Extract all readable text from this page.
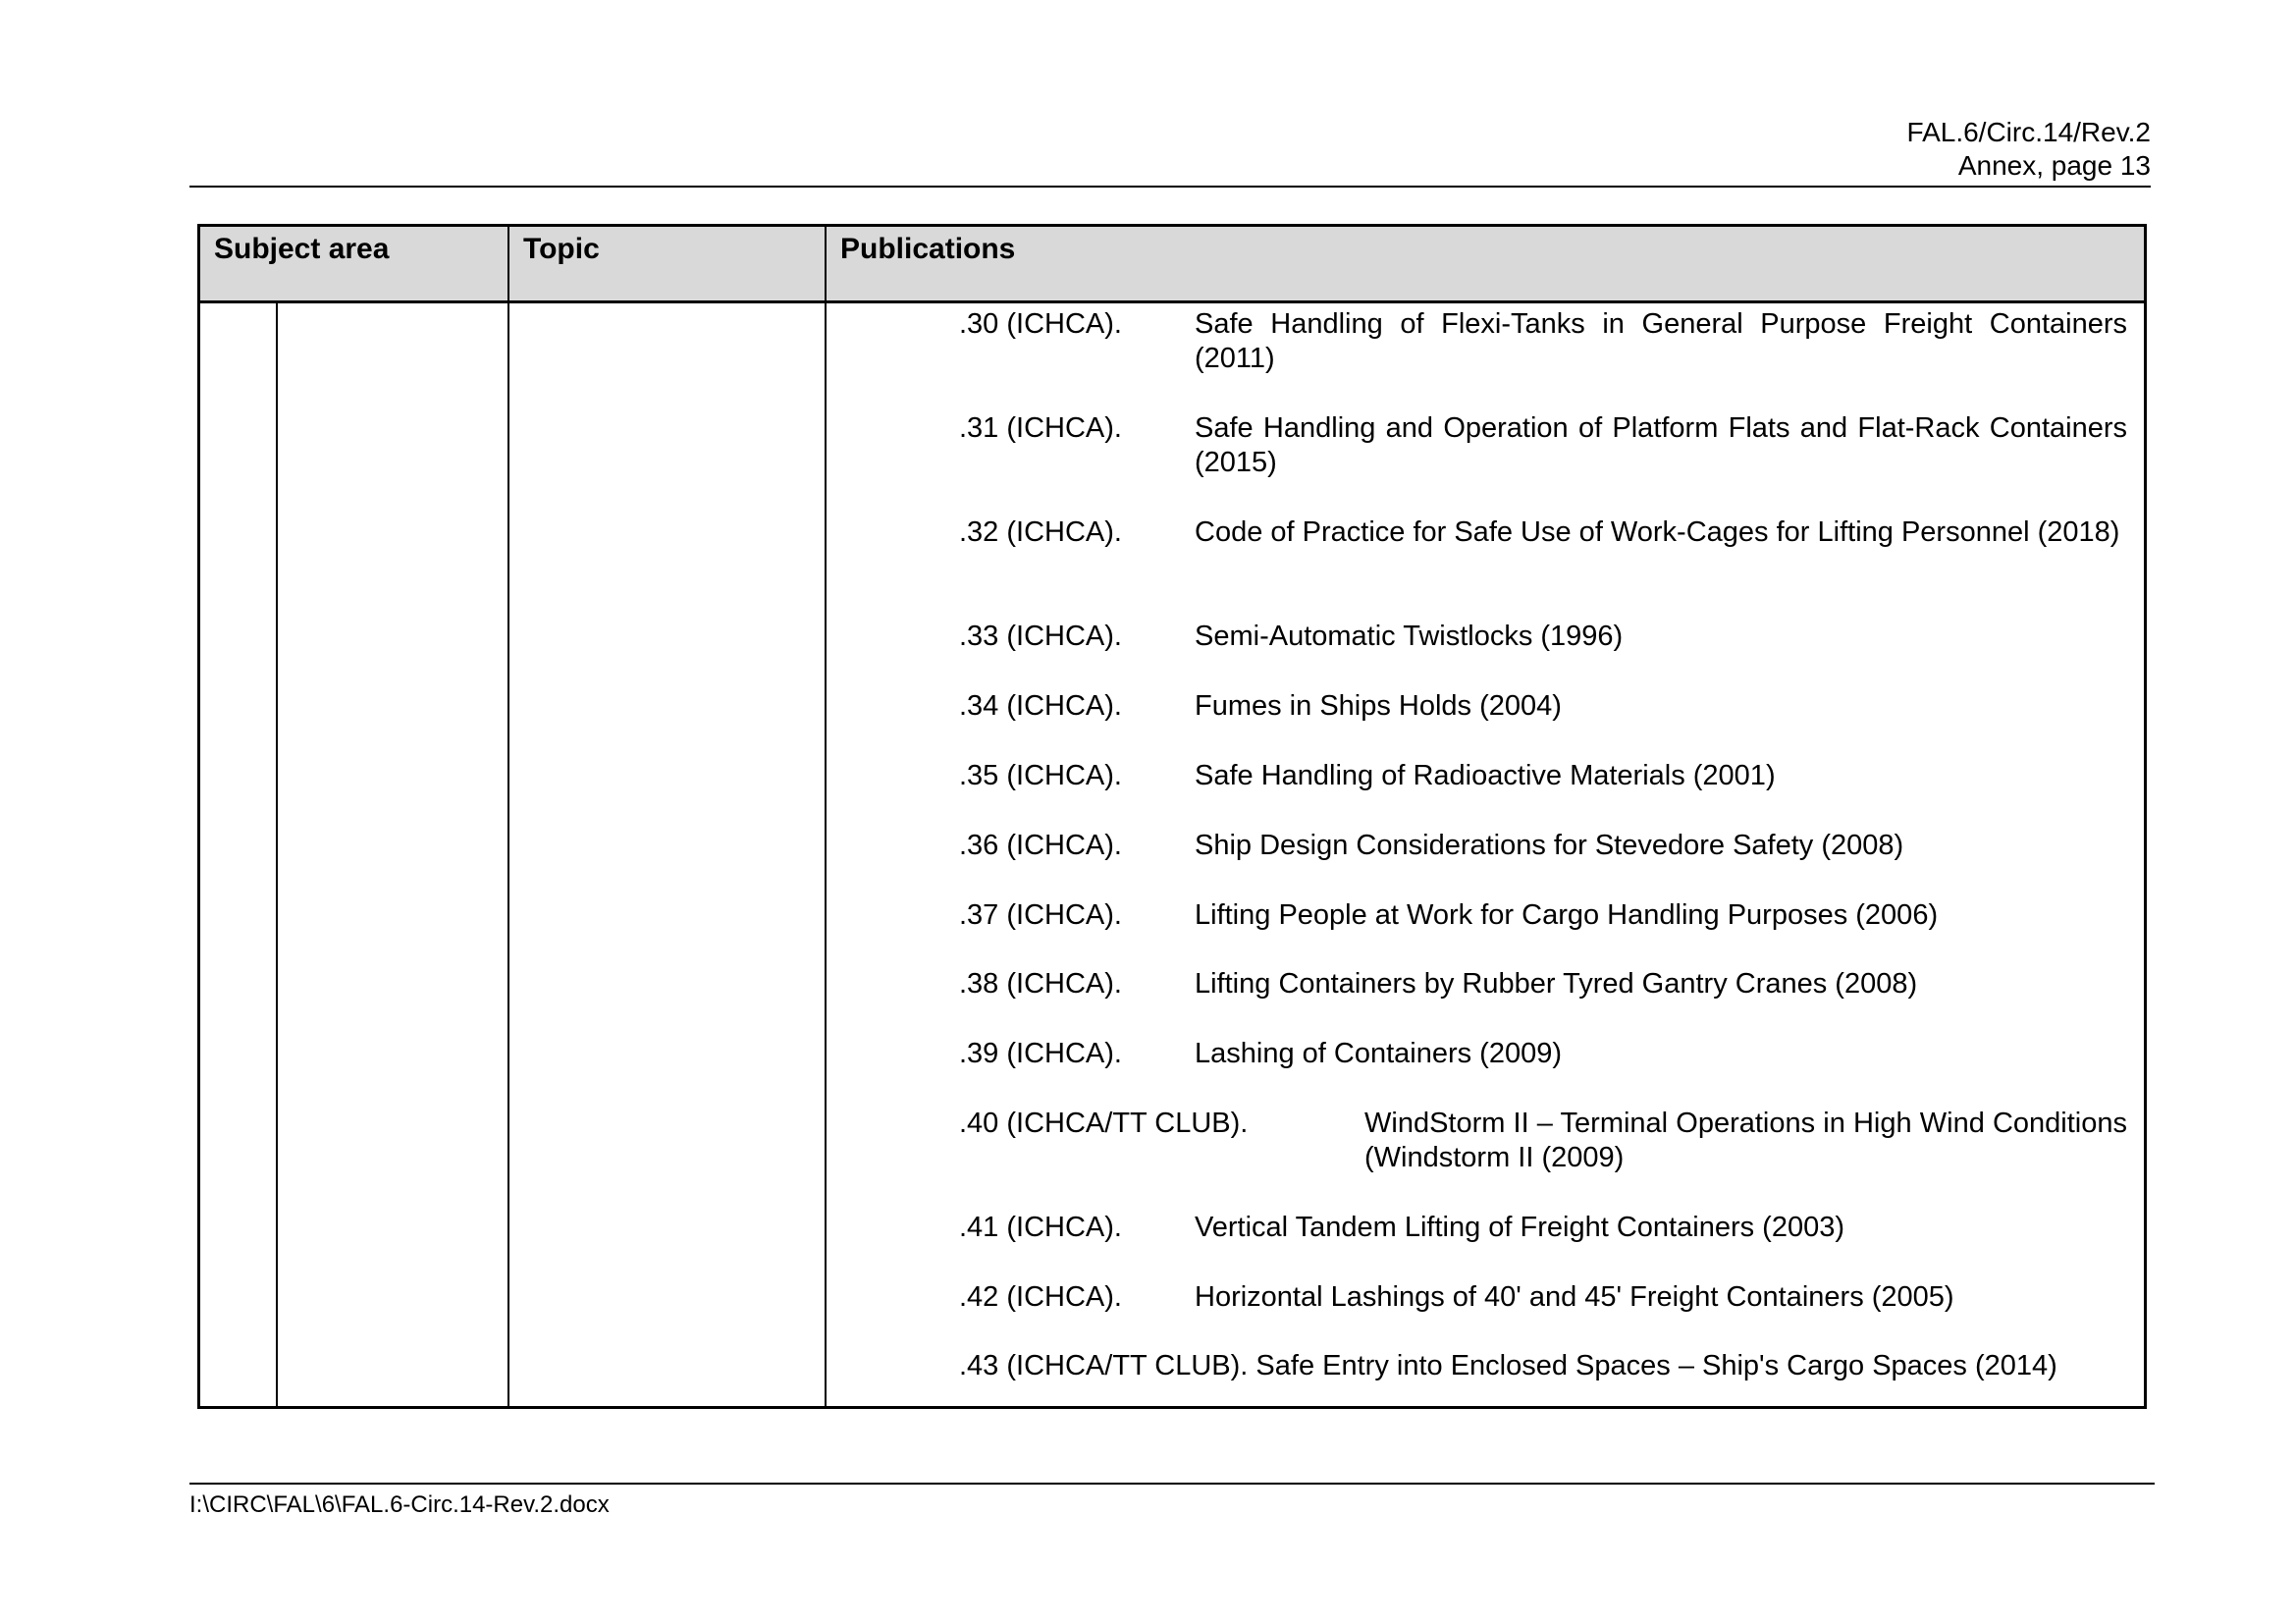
FAL.6/Circ.14/Rev.2
Annex, page 13
Subject area	Topic	Publications
.30 (ICHCA).	Safe Handling of Flexi-Tanks in General Purpose Freight Containers (2011)
.31 (ICHCA).	Safe Handling and Operation of Platform Flats and Flat-Rack Containers (2015)
.32 (ICHCA).	Code of Practice for Safe Use of Work-Cages for Lifting Personnel (2018)
.33 (ICHCA).	Semi-Automatic Twistlocks (1996)
.34 (ICHCA).	Fumes in Ships Holds (2004)
.35 (ICHCA).	Safe Handling of Radioactive Materials (2001)
.36 (ICHCA).	Ship Design Considerations for Stevedore Safety (2008)
.37 (ICHCA).	Lifting People at Work for Cargo Handling Purposes (2006)
.38 (ICHCA).	Lifting Containers by Rubber Tyred Gantry Cranes (2008)
.39 (ICHCA).	Lashing of Containers (2009)
.40 (ICHCA/TT CLUB).	WindStorm II – Terminal Operations in High Wind Conditions (Windstorm II (2009)
.41 (ICHCA).	Vertical Tandem Lifting of Freight Containers (2003)
.42 (ICHCA).	Horizontal Lashings of 40' and 45' Freight Containers (2005)
.43 (ICHCA/TT CLUB). Safe Entry into Enclosed Spaces – Ship's Cargo Spaces (2014)
I:\CIRC\FAL\6\FAL.6-Circ.14-Rev.2.docx
